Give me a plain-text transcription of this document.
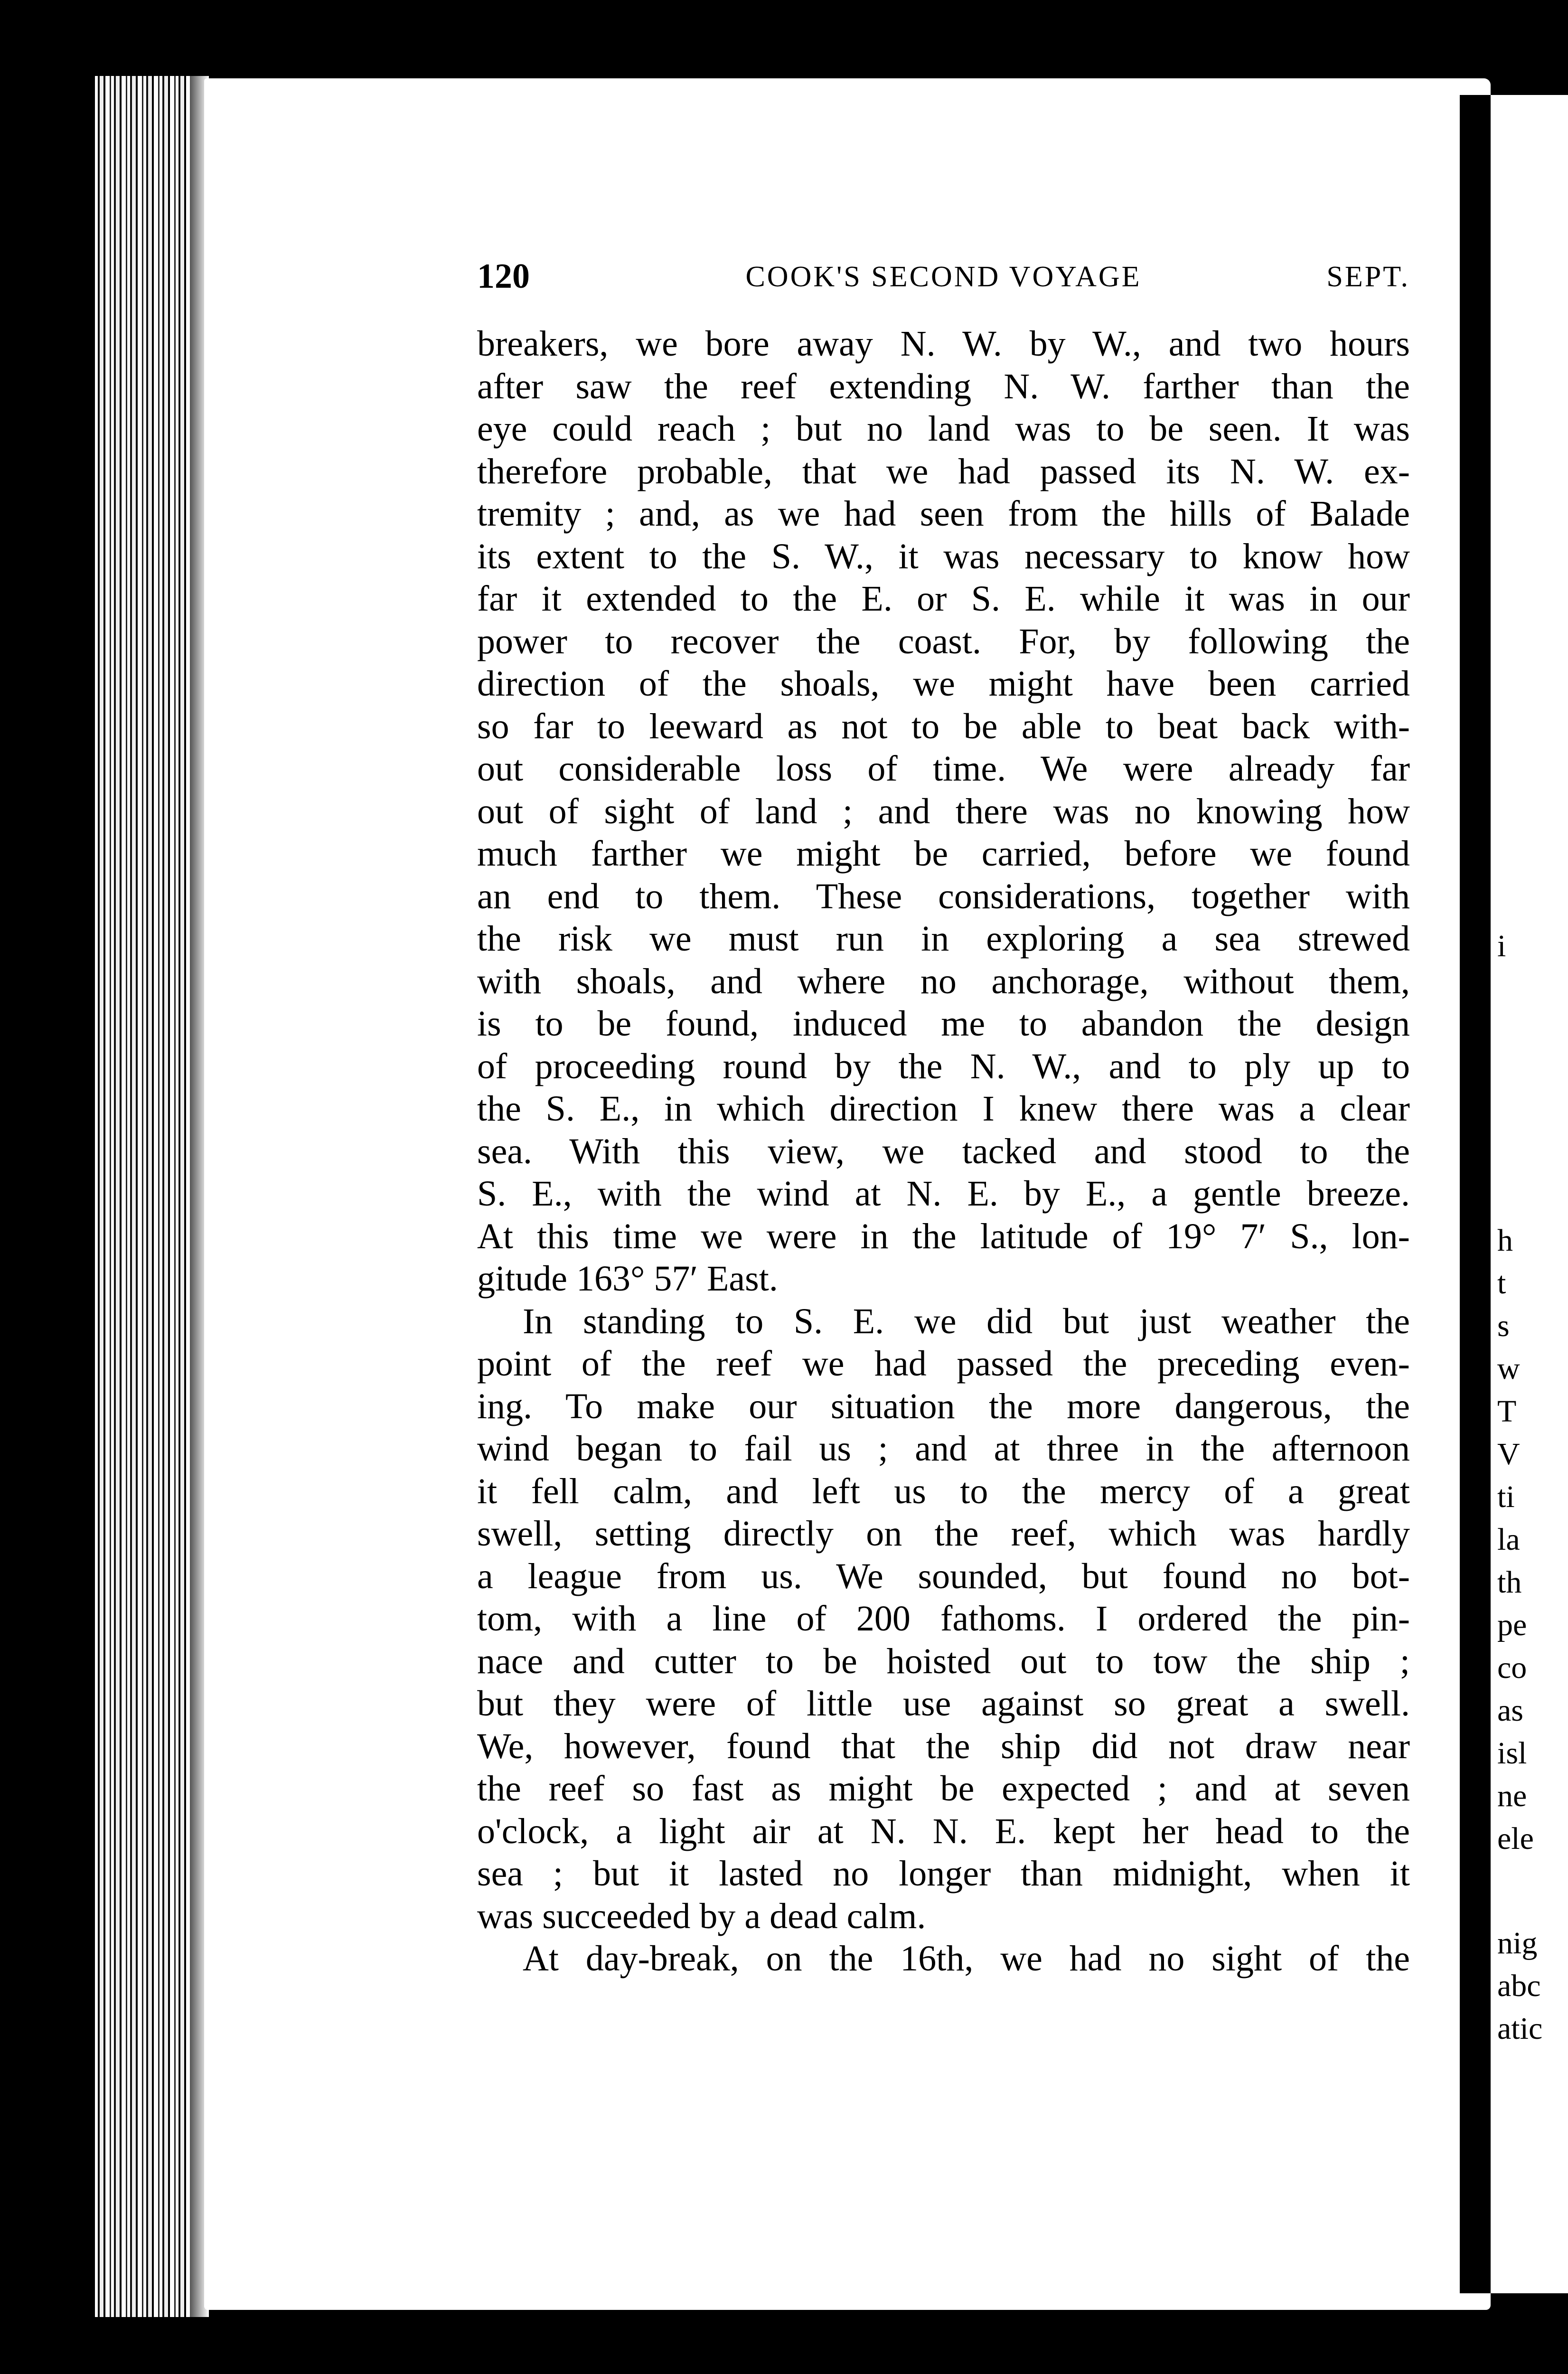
i
h
t
s
w
T
V
ti
la
th
pe
co
as
isl
ne
ele
nig
abc
atic
120	COOK'S SECOND VOYAGE	SEPT.
breakers, we bore away N. W. by W., and two hours
after saw the reef extending N. W. farther than the
eye could reach ; but no land was to be seen. It was
therefore probable, that we had passed its N. W. ex-
tremity ; and, as we had seen from the hills of Balade
its extent to the S. W., it was necessary to know how
far it extended to the E. or S. E. while it was in our
power to recover the coast. For, by following the
direction of the shoals, we might have been carried
so far to leeward as not to be able to beat back with-
out considerable loss of time. We were already far
out of sight of land ; and there was no knowing how
much farther we might be carried, before we found
an end to them. These considerations, together with
the risk we must run in exploring a sea strewed
with shoals, and where no anchorage, without them,
is to be found, induced me to abandon the design
of proceeding round by the N. W., and to ply up to
the S. E., in which direction I knew there was a clear
sea. With this view, we tacked and stood to the
S. E., with the wind at N. E. by E., a gentle breeze.
At this time we were in the latitude of 19° 7′ S., lon-
gitude 163° 57′ East.
In standing to S. E. we did but just weather the
point of the reef we had passed the preceding even-
ing. To make our situation the more dangerous, the
wind began to fail us ; and at three in the afternoon
it fell calm, and left us to the mercy of a great
swell, setting directly on the reef, which was hardly
a league from us. We sounded, but found no bot-
tom, with a line of 200 fathoms. I ordered the pin-
nace and cutter to be hoisted out to tow the ship ;
but they were of little use against so great a swell.
We, however, found that the ship did not draw near
the reef so fast as might be expected ; and at seven
o'clock, a light air at N. N. E. kept her head to the
sea ; but it lasted no longer than midnight, when it
was succeeded by a dead calm.
At day-break, on the 16th, we had no sight of the
